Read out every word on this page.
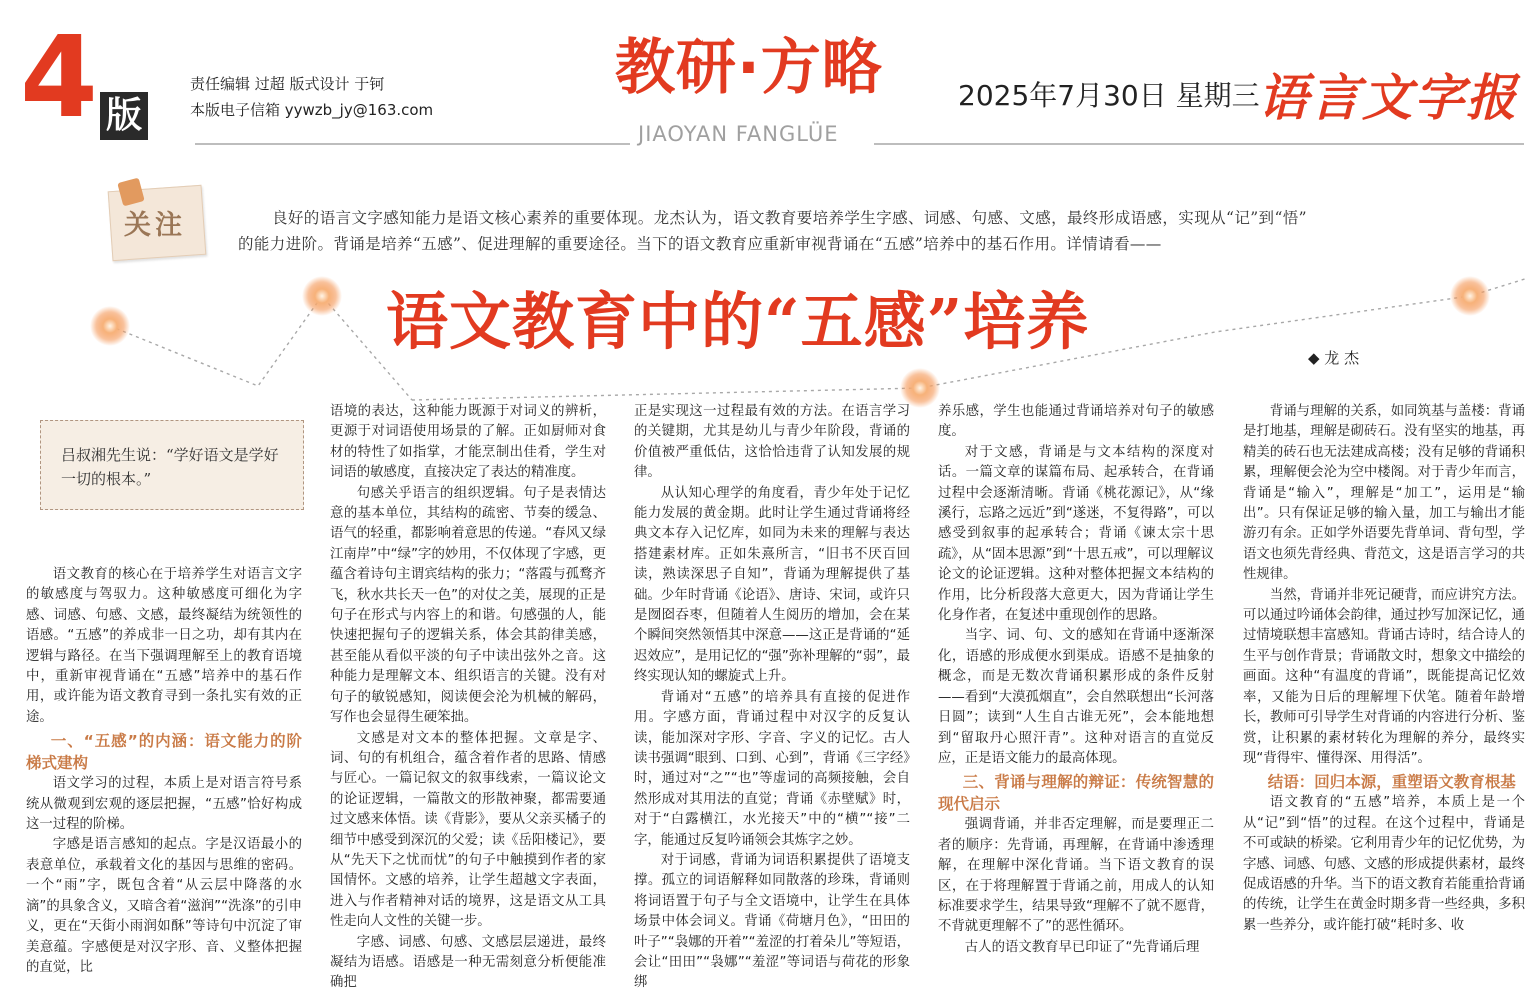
4 版
责任编辑 过超 版式设计 于钶
本版电子信箱 yywzb_jy@163.com
教研·方略
JIAOYAN FANGLÜE
2025年7月30日 星期三
语言文字报
关注	良好的语言文字感知能力是语文核心素养的重要体现。龙杰认为，语文教育要培养学生字感、词感、句感、文感，最终形成语感，实现从“记”到“悟”
的能力进阶。背诵是培养“五感”、促进理解的重要途径。当下的语文教育应重新审视背诵在“五感”培养中的基石作用。详情请看——
语文教育中的“五感”培养	◆ 龙 杰
吕叔湘先生说：“学好语文是学好一切的根本。”

语文教育的核心在于培养学生对语言文字的敏感度与驾驭力。这种敏感度可细化为字感、词感、句感、文感，最终凝结为统领性的语感。“五感”的养成非一日之功，却有其内在逻辑与路径。在当下强调理解至上的教育语境中，重新审视背诵在“五感”培养中的基石作用，或许能为语文教育寻到一条扎实有效的正途。

一、“五感”的内涵：语文能力的阶梯式建构

语文学习的过程，本质上是对语言符号系统从微观到宏观的逐层把握，“五感”恰好构成这一过程的阶梯。

字感是语言感知的起点。字是汉语最小的表意单位，承载着文化的基因与思维的密码。一个“雨”字，既包含着“从云层中降落的水滴”的具象含义，又暗含着“滋润”“洗涤”的引申义，更在“天街小雨润如酥”等诗句中沉淀了审美意蕴。字感便是对汉字形、音、义整体把握的直觉，比

语境的表达，这种能力既源于对词义的辨析，更源于对词语使用场景的了解。正如厨师对食材的特性了如指掌，才能烹制出佳肴，学生对词语的敏感度，直接决定了表达的精准度。

句感关乎语言的组织逻辑。句子是表情达意的基本单位，其结构的疏密、节奏的缓急、语气的轻重，都影响着意思的传递。“春风又绿江南岸”中“绿”字的妙用，不仅体现了字感，更蕴含着诗句主谓宾结构的张力；“落霞与孤鹜齐飞，秋水共长天一色”的对仗之美，展现的正是句子在形式与内容上的和谐。句感强的人，能快速把握句子的逻辑关系，体会其韵律美感，甚至能从看似平淡的句子中读出弦外之音。这种能力是理解文本、组织语言的关键。没有对句子的敏锐感知，阅读便会沦为机械的解码，写作也会显得生硬笨拙。

文感是对文本的整体把握。文章是字、词、句的有机组合，蕴含着作者的思路、情感与匠心。一篇记叙文的叙事线索，一篇议论文的论证逻辑，一篇散文的形散神聚，都需要通过文感来体悟。读《背影》，要从父亲买橘子的细节中感受到深沉的父爱；读《岳阳楼记》，要从“先天下之忧而忧”的句子中触摸到作者的家国情怀。文感的培养，让学生超越文字表面，进入与作者精神对话的境界，这是语文从工具性走向人文性的关键一步。

字感、词感、句感、文感层层递进，最终凝结为语感。语感是一种无需刻意分析便能准确把

正是实现这一过程最有效的方法。在语言学习的关键期，尤其是幼儿与青少年阶段，背诵的价值被严重低估，这恰恰违背了认知发展的规律。

从认知心理学的角度看，青少年处于记忆能力发展的黄金期。此时让学生通过背诵将经典文本存入记忆库，如同为未来的理解与表达搭建素材库。正如朱熹所言，“旧书不厌百回读，熟读深思子自知”，背诵为理解提供了基础。少年时背诵《论语》、唐诗、宋词，或许只是囫囵吞枣，但随着人生阅历的增加，会在某个瞬间突然领悟其中深意——这正是背诵的“延迟效应”，是用记忆的“强”弥补理解的“弱”，最终实现认知的螺旋式上升。

背诵对“五感”的培养具有直接的促进作用。字感方面，背诵过程中对汉字的反复认读，能加深对字形、字音、字义的记忆。古人读书强调“眼到、口到、心到”，背诵《三字经》时，通过对“之”“也”等虚词的高频接触，会自然形成对其用法的直觉；背诵《赤壁赋》时，对于“白露横江，水光接天”中的“横”“接”二字，能通过反复吟诵领会其炼字之妙。

对于词感，背诵为词语积累提供了语境支撑。孤立的词语解释如同散落的珍珠，背诵则将词语置于句子与全文语境中，让学生在具体场景中体会词义。背诵《荷塘月色》，“田田的叶子”“袅娜的开着”“羞涩的打着朵儿”等短语，会让“田田”“袅娜”“羞涩”等词语与荷花的形象绑

养乐感，学生也能通过背诵培养对句子的敏感度。

对于文感，背诵是与文本结构的深度对话。一篇文章的谋篇布局、起承转合，在背诵过程中会逐渐清晰。背诵《桃花源记》，从“缘溪行，忘路之远近”到“遂迷，不复得路”，可以感受到叙事的起承转合；背诵《谏太宗十思疏》，从“固本思源”到“十思五戒”，可以理解议论文的论证逻辑。这种对整体把握文本结构的作用，比分析段落大意更大，因为背诵让学生化身作者，在复述中重现创作的思路。

当字、词、句、文的感知在背诵中逐渐深化，语感的形成便水到渠成。语感不是抽象的概念，而是无数次背诵积累形成的条件反射——看到“大漠孤烟直”，会自然联想出“长河落日圆”；读到“人生自古谁无死”，会本能地想到“留取丹心照汗青”。这种对语言的直觉反应，正是语文能力的最高体现。

三、背诵与理解的辩证：传统智慧的现代启示

强调背诵，并非否定理解，而是要理正二者的顺序：先背诵，再理解，在背诵中渗透理解，在理解中深化背诵。当下语文教育的误区，在于将理解置于背诵之前，用成人的认知标准要求学生，结果导致“理解不了就不愿背，不背就更理解不了”的恶性循环。

古人的语文教育早已印证了“先背诵后理

背诵与理解的关系，如同筑基与盖楼：背诵是打地基，理解是砌砖石。没有坚实的地基，再精美的砖石也无法建成高楼；没有足够的背诵积累，理解便会沦为空中楼阁。对于青少年而言，背诵是“输入”，理解是“加工”，运用是“输出”。只有保证足够的输入量，加工与输出才能游刃有余。正如学外语要先背单词、背句型，学语文也须先背经典、背范文，这是语言学习的共性规律。

当然，背诵并非死记硬背，而应讲究方法。可以通过吟诵体会韵律，通过抄写加深记忆，通过情境联想丰富感知。背诵古诗时，结合诗人的生平与创作背景；背诵散文时，想象文中描绘的画面。这种“有温度的背诵”，既能提高记忆效率，又能为日后的理解埋下伏笔。随着年龄增长，教师可引导学生对背诵的内容进行分析、鉴赏，让积累的素材转化为理解的养分，最终实现“背得牢、懂得深、用得活”。

结语：回归本源，重塑语文教育根基

语文教育的“五感”培养，本质上是一个从“记”到“悟”的过程。在这个过程中，背诵是不可或缺的桥梁。它利用青少年的记忆优势，为字感、词感、句感、文感的形成提供素材，最终促成语感的升华。当下的语文教育若能重拾背诵的传统，让学生在黄金时期多背一些经典，多积累一些养分，或许能打破“耗时多、收
